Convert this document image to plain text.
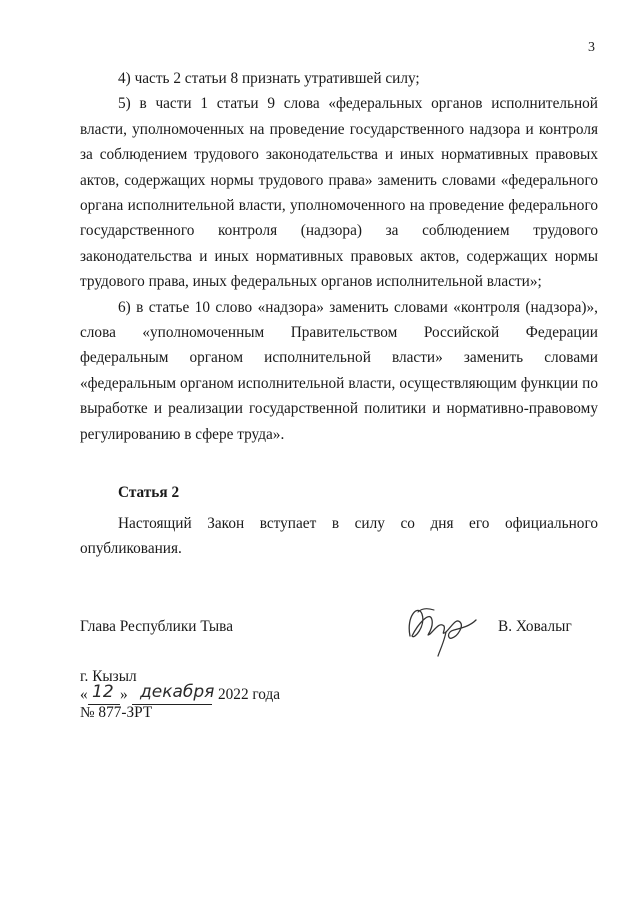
3

4) часть 2 статьи 8 признать утратившей силу;

5) в части 1 статьи 9 слова «федеральных органов исполнительной власти, уполномоченных на проведение государственного надзора и контроля за соблюдением трудового законодательства и иных нормативных правовых актов, содержащих нормы трудового права» заменить словами «федерального органа исполнительной власти, уполномоченного на проведение федерального государственного контроля (надзора) за соблюдением трудового законодательства и иных нормативных правовых актов, содержащих нормы трудового права, иных федеральных органов исполнительной власти»;

6) в статье 10 слово «надзора» заменить словами «контроля (надзора)», слова «уполномоченным Правительством Российской Федерации федеральным органом исполнительной власти» заменить словами «федеральным органом исполнительной власти, осуществляющим функции по выработке и реализации государственной политики и нормативно-правовому регулированию в сфере труда».

Статья 2

Настоящий Закон вступает в силу со дня его официального опубликования.

Глава Республики Тыва	В. Ховалыг
г. Кызыл
« 12 » декабря 2022 года
№ 877-ЗРТ
